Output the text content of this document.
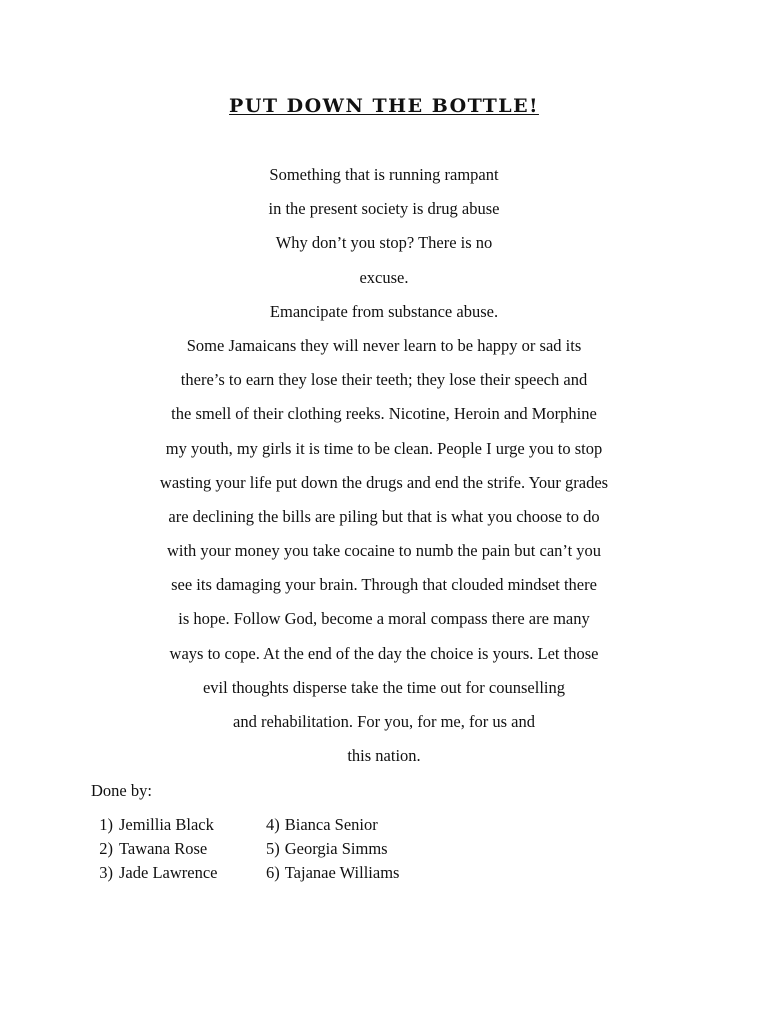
PUT DOWN THE BOTTLE!
Something that is running rampant
in the present society is drug abuse
Why don’t you stop? There is no
excuse.
Emancipate from substance abuse.
Some Jamaicans they will never learn to be happy or sad its
there’s to earn they lose their teeth; they lose their speech and
the smell of their clothing reeks. Nicotine, Heroin and Morphine
my youth, my girls it is time to be clean. People I urge you to stop
wasting your life put down the drugs and end the strife. Your grades
are declining the bills are piling but that is what you choose to do
with your money you take cocaine to numb the pain but can’t you
see its damaging your brain. Through that clouded mindset there
is hope. Follow God, become a moral compass there are many
ways to cope. At the end of the day the choice is yours. Let those
evil thoughts disperse take the time out for counselling
and rehabilitation. For you, for me, for us and
this nation.
Done by:
1) Jemillia Black
2) Tawana Rose
3) Jade Lawrence
4) Bianca Senior
5) Georgia Simms
6) Tajanae Williams
